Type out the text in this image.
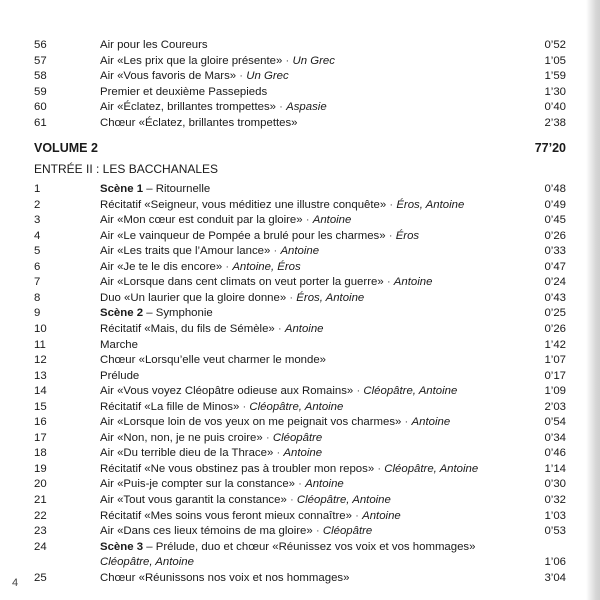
56	Air pour les Coureurs	0’52
57	Air «Les prix que la gloire présente» · Un Grec	1’05
58	Air «Vous favoris de Mars» · Un Grec	1’59
59	Premier et deuxième Passepieds	1’30
60	Air «Éclatez, brillantes trompettes» · Aspasie	0’40
61	Chœur «Éclatez, brillantes trompettes»	2’38
VOLUME 2	77’20
ENTRÉE II : LES BACCHANALES
1	Scène 1 – Ritournelle	0’48
2	Récitatif «Seigneur, vous méditiez une illustre conquête» · Éros, Antoine	0’49
3	Air «Mon cœur est conduit par la gloire» · Antoine	0’45
4	Air «Le vainqueur de Pompée a brulé pour les charmes» · Éros	0’26
5	Air «Les traits que l’Amour lance» · Antoine	0’33
6	Air «Je te le dis encore» · Antoine, Éros	0’47
7	Air «Lorsque dans cent climats on veut porter la guerre» · Antoine	0’24
8	Duo «Un laurier que la gloire donne» · Éros, Antoine	0’43
9	Scène 2 – Symphonie	0’25
10	Récitatif «Mais, du fils de Sémèle» · Antoine	0’26
11	Marche	1’42
12	Chœur «Lorsqu’elle veut charmer le monde»	1’07
13	Prélude	0’17
14	Air «Vous voyez Cléopâtre odieuse aux Romains» · Cléopâtre, Antoine	1’09
15	Récitatif «La fille de Minos» · Cléopâtre, Antoine	2’03
16	Air «Lorsque loin de vos yeux on me peignait vos charmes» · Antoine	0’54
17	Air «Non, non, je ne puis croire» · Cléopâtre	0’34
18	Air «Du terrible dieu de la Thrace» · Antoine	0’46
19	Récitatif «Ne vous obstinez pas à troubler mon repos» · Cléopâtre, Antoine	1’14
20	Air «Puis-je compter sur la constance» · Antoine	0’30
21	Air «Tout vous garantit la constance» · Cléopâtre, Antoine	0’32
22	Récitatif «Mes soins vous feront mieux connaître» · Antoine	1’03
23	Air «Dans ces lieux témoins de ma gloire» · Cléopâtre	0’53
24	Scène 3 – Prélude, duo et chœur «Réunissez vos voix et vos hommages»
Cléopâtre, Antoine	1’06
25	Chœur «Réunissons nos voix et nos hommages»	3’04
4
